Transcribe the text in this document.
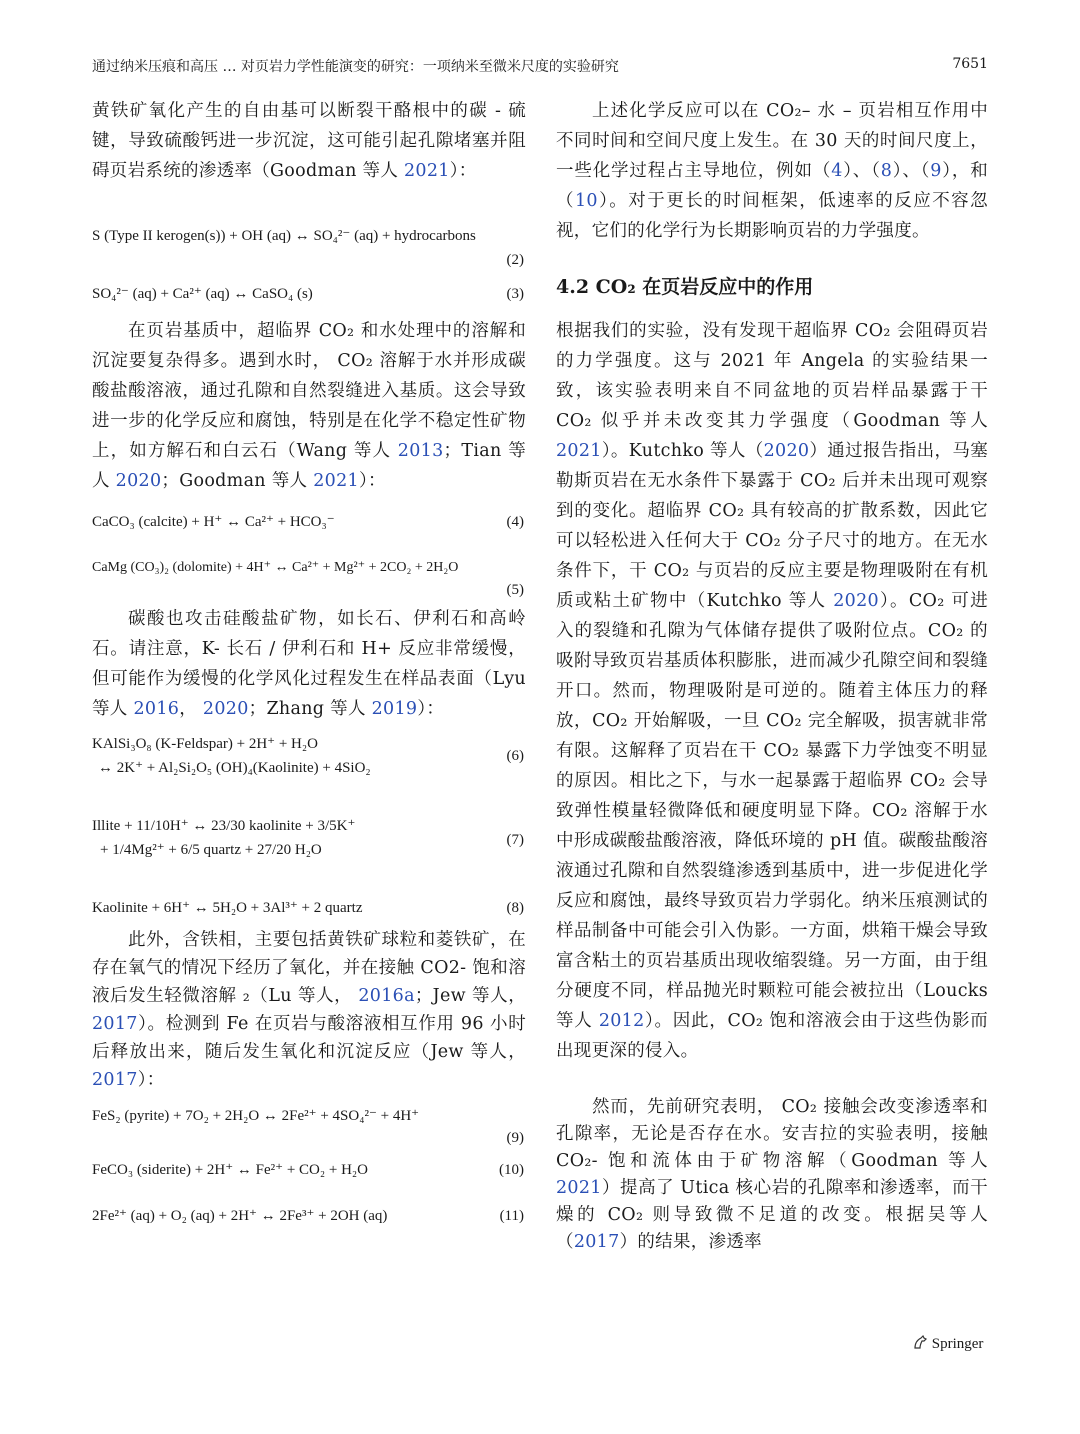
通过纳米压痕和高压 … 对页岩力学性能演变的研究：一项纳米至微米尺度的实验研究	7651

黄铁矿氧化产生的自由基可以断裂干酪根中的碳 - 硫键，导致硫酸钙进一步沉淀，这可能引起孔隙堵塞并阻碍页岩系统的渗透率（Goodman 等人 2021）：

S (Type II kerogen(s)) + OH (aq) ↔ SO₄²⁻ (aq) + hydrocarbons
(2)
SO₄²⁻ (aq) + Ca²⁺ (aq) ↔ CaSO₄ (s)	(3)

在页岩基质中，超临界 CO₂ 和水处理中的溶解和沉淀要复杂得多。遇到水时， CO₂ 溶解于水并形成碳酸盐酸溶液，通过孔隙和自然裂缝进入基质。这会导致进一步的化学反应和腐蚀，特别是在化学不稳定性矿物上，如方解石和白云石（Wang 等人 2013；Tian 等人 2020；Goodman 等人 2021）：

CaCO₃ (calcite) + H⁺ ↔ Ca²⁺ + HCO₃⁻	(4)
CaMg (CO₃)₂ (dolomite) + 4H⁺ ↔ Ca²⁺ + Mg²⁺ + 2CO₂ + 2H₂O
(5)

碳酸也攻击硅酸盐矿物，如长石、伊利石和高岭石。请注意，K- 长石 / 伊利石和 H+ 反应非常缓慢，但可能作为缓慢的化学风化过程发生在样品表面（Lyu 等人 2016， 2020；Zhang 等人 2019）：

KAlSi₃O₈ (K-Feldspar) + 2H⁺ + H₂O
↔ 2K⁺ + Al₂Si₂O₅ (OH)₄(Kaolinite) + 4SiO₂
(6)
Illite + 11/10H⁺ ↔ 23/30 kaolinite + 3/5K⁺
+ 1/4Mg²⁺ + 6/5 quartz + 27/20 H₂O
(7)
Kaolinite + 6H⁺ ↔ 5H₂O + 3Al³⁺ + 2 quartz	(8)

此外，含铁相，主要包括黄铁矿球粒和菱铁矿，在存在氧气的情况下经历了氧化，并在接触 CO2- 饱和溶液后发生轻微溶解 ₂（Lu 等人， 2016a；Jew 等人， 2017）。检测到 Fe 在页岩与酸溶液相互作用 96 小时后释放出来，随后发生氧化和沉淀反应（Jew 等人， 2017）：

FeS₂ (pyrite) + 7O₂ + 2H₂O ↔ 2Fe²⁺ + 4SO₄²⁻ + 4H⁺
(9)
FeCO₃ (siderite) + 2H⁺ ↔ Fe²⁺ + CO₂ + H₂O	(10)
2Fe²⁺ (aq) + O₂ (aq) + 2H⁺ ↔ 2Fe³⁺ + 2OH (aq)	(11)

上述化学反应可以在 CO₂– 水 – 页岩相互作用中不同时间和空间尺度上发生。在 30 天的时间尺度上，一些化学过程占主导地位，例如（4）、（8）、（9），和（10）。对于更长的时间框架，低速率的反应不容忽视，它们的化学行为长期影响页岩的力学强度。

4.2 CO₂ 在页岩反应中的作用

根据我们的实验，没有发现干超临界 CO₂ 会阻碍页岩的力学强度。这与 2021 年 Angela 的实验结果一致，该实验表明来自不同盆地的页岩样品暴露于干 CO₂ 似乎并未改变其力学强度（Goodman 等人 2021）。Kutchko 等人（2020）通过报告指出，马塞勒斯页岩在无水条件下暴露于 CO₂ 后并未出现可观察到的变化。超临界 CO₂ 具有较高的扩散系数，因此它可以轻松进入任何大于 CO₂ 分子尺寸的地方。在无水条件下，干 CO₂ 与页岩的反应主要是物理吸附在有机质或粘土矿物中（Kutchko 等人 2020）。CO₂ 可进入的裂缝和孔隙为气体储存提供了吸附位点。CO₂ 的吸附导致页岩基质体积膨胀，进而减少孔隙空间和裂缝开口。然而，物理吸附是可逆的。随着主体压力的释放，CO₂ 开始解吸，一旦 CO₂ 完全解吸，损害就非常有限。这解释了页岩在干 CO₂ 暴露下力学蚀变不明显的原因。相比之下，与水一起暴露于超临界 CO₂ 会导致弹性模量轻微降低和硬度明显下降。CO₂ 溶解于水中形成碳酸盐酸溶液，降低环境的 pH 值。碳酸盐酸溶液通过孔隙和自然裂缝渗透到基质中，进一步促进化学反应和腐蚀，最终导致页岩力学弱化。纳米压痕测试的样品制备中可能会引入伪影。一方面，烘箱干燥会导致富含粘土的页岩基质出现收缩裂缝。另一方面，由于组分硬度不同，样品抛光时颗粒可能会被拉出（Loucks 等人 2012）。因此，CO₂ 饱和溶液会由于这些伪影而出现更深的侵入。

然而，先前研究表明， CO₂ 接触会改变渗透率和孔隙率，无论是否存在水。安吉拉的实验表明，接触 CO₂- 饱和流体由于矿物溶解（Goodman 等人 2021）提高了 Utica 核心岩的孔隙率和渗透率，而干燥的 CO₂ 则导致微不足道的改变。根据吴等人（2017）的结果，渗透率

Springer
